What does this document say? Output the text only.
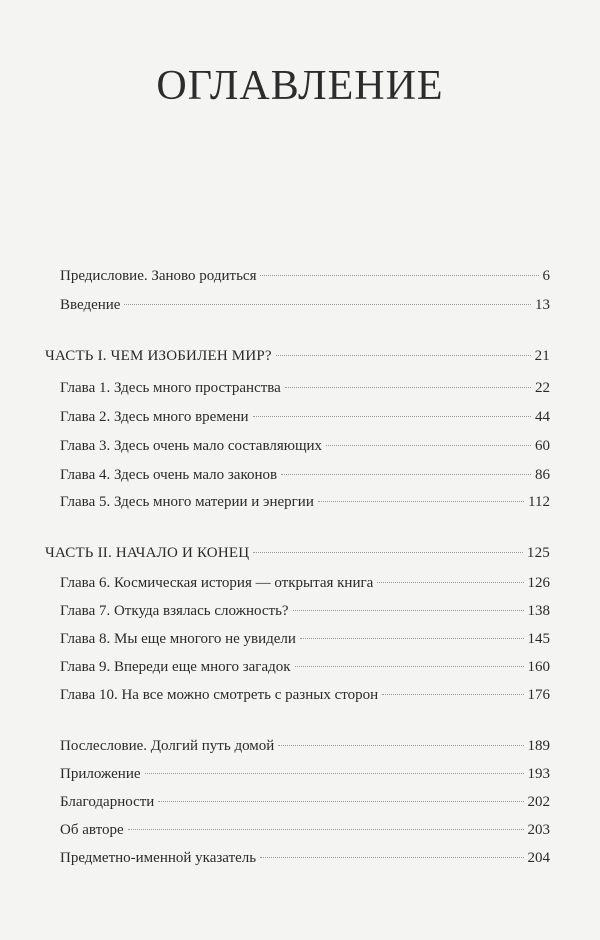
ОГЛАВЛЕНИЕ
Предисловие. Заново родиться	6
Введение	13
ЧАСТЬ I. ЧЕМ ИЗОБИЛЕН МИР?	21
Глава 1. Здесь много пространства	22
Глава 2. Здесь много времени	44
Глава 3. Здесь очень мало составляющих	60
Глава 4. Здесь очень мало законов	86
Глава 5. Здесь много материи и энергии	112
ЧАСТЬ II. НАЧАЛО И КОНЕЦ	125
Глава 6. Космическая история — открытая книга	126
Глава 7. Откуда взялась сложность?	138
Глава 8. Мы еще многого не увидели	145
Глава 9. Впереди еще много загадок	160
Глава 10. На все можно смотреть с разных сторон	176
Послесловие. Долгий путь домой	189
Приложение	193
Благодарности	202
Об авторе	203
Предметно-именной указатель	204
